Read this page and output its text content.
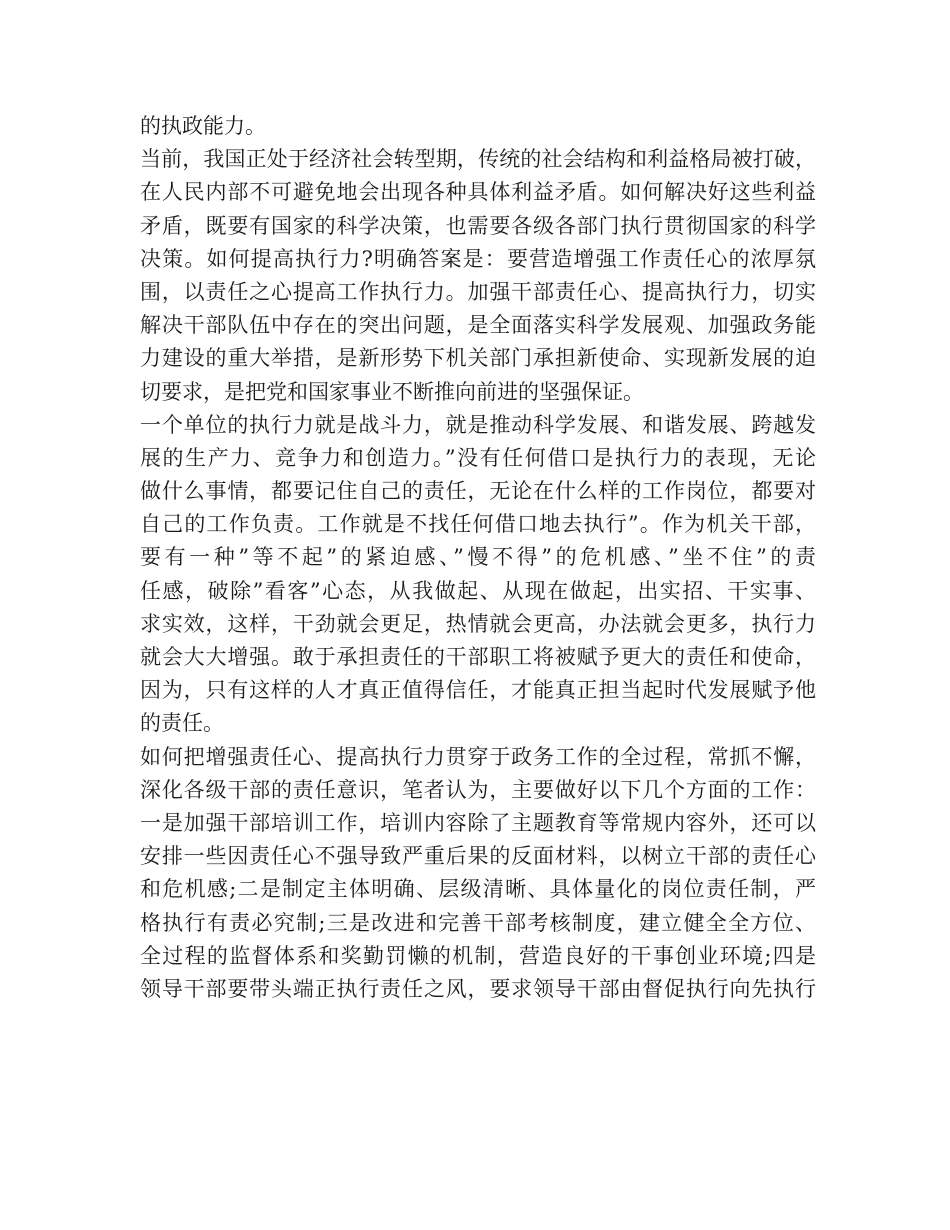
的执政能力。
当前，我国正处于经济社会转型期，传统的社会结构和利益格局被打破，
在人民内部不可避免地会出现各种具体利益矛盾。如何解决好这些利益
矛盾，既要有国家的科学决策，也需要各级各部门执行贯彻国家的科学
决策。如何提高执行力?明确答案是：要营造增强工作责任心的浓厚氛
围，以责任之心提高工作执行力。加强干部责任心、提高执行力，切实
解决干部队伍中存在的突出问题，是全面落实科学发展观、加强政务能
力建设的重大举措，是新形势下机关部门承担新使命、实现新发展的迫
切要求，是把党和国家事业不断推向前进的坚强保证。
一个单位的执行力就是战斗力，就是推动科学发展、和谐发展、跨越发
展的生产力、竞争力和创造力。”没有任何借口是执行力的表现，无论
做什么事情，都要记住自己的责任，无论在什么样的工作岗位，都要对
自己的工作负责。工作就是不找任何借口地去执行”。作为机关干部，
要有一种”等不起”的紧迫感、”慢不得”的危机感、”坐不住”的责
任感，破除”看客”心态，从我做起、从现在做起，出实招、干实事、
求实效，这样，干劲就会更足，热情就会更高，办法就会更多，执行力
就会大大增强。敢于承担责任的干部职工将被赋予更大的责任和使命，
因为，只有这样的人才真正值得信任，才能真正担当起时代发展赋予他
的责任。
如何把增强责任心、提高执行力贯穿于政务工作的全过程，常抓不懈，
深化各级干部的责任意识，笔者认为，主要做好以下几个方面的工作：
一是加强干部培训工作，培训内容除了主题教育等常规内容外，还可以
安排一些因责任心不强导致严重后果的反面材料，以树立干部的责任心
和危机感;二是制定主体明确、层级清晰、具体量化的岗位责任制，严
格执行有责必究制;三是改进和完善干部考核制度，建立健全全方位、
全过程的监督体系和奖勤罚懒的机制，营造良好的干事创业环境;四是
领导干部要带头端正执行责任之风，要求领导干部由督促执行向先执行
